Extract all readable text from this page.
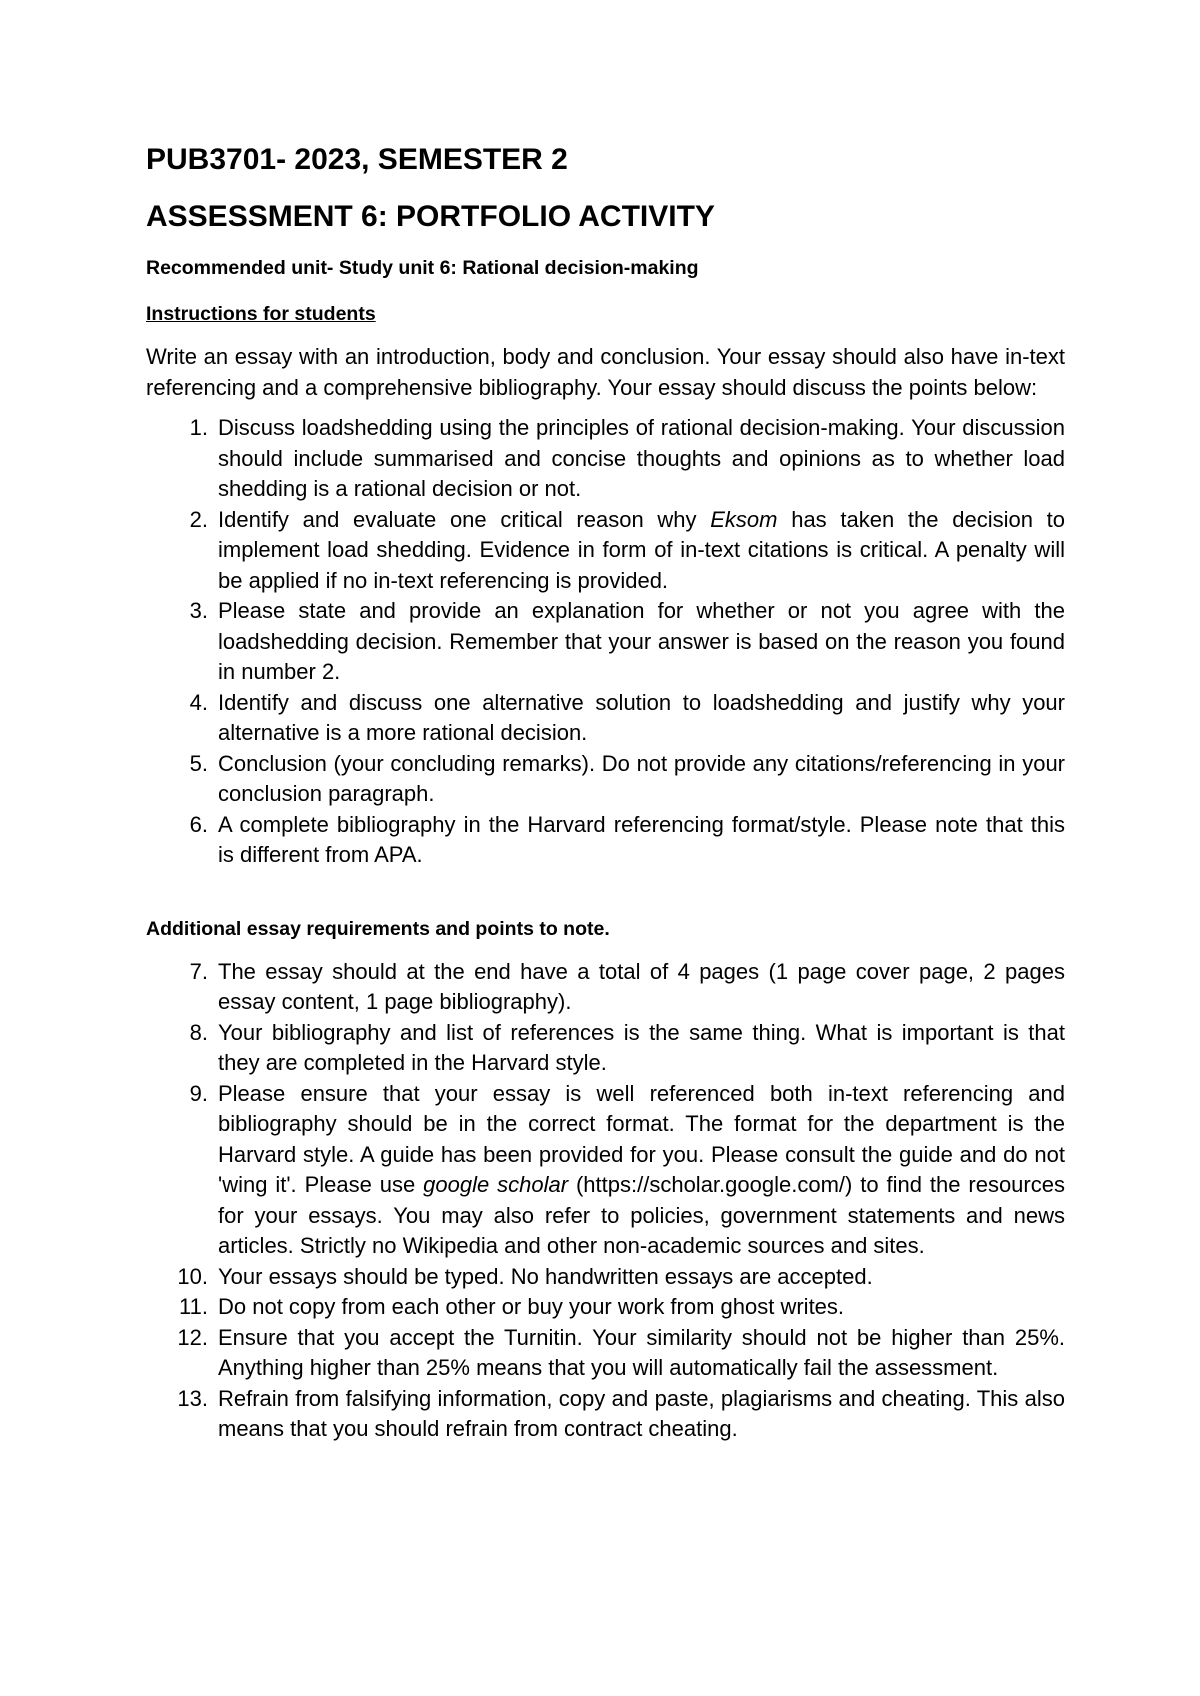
PUB3701- 2023, SEMESTER 2
ASSESSMENT 6: PORTFOLIO ACTIVITY
Recommended unit- Study unit 6: Rational decision-making
Instructions for students

Write an essay with an introduction, body and conclusion. Your essay should also have in-text referencing and a comprehensive bibliography. Your essay should discuss the points below:

1. Discuss loadshedding using the principles of rational decision-making. Your discussion should include summarised and concise thoughts and opinions as to whether load shedding is a rational decision or not.
2. Identify and evaluate one critical reason why Eksom has taken the decision to implement load shedding. Evidence in form of in-text citations is critical. A penalty will be applied if no in-text referencing is provided.
3. Please state and provide an explanation for whether or not you agree with the loadshedding decision. Remember that your answer is based on the reason you found in number 2.
4. Identify and discuss one alternative solution to loadshedding and justify why your alternative is a more rational decision.
5. Conclusion (your concluding remarks). Do not provide any citations/referencing in your conclusion paragraph.
6. A complete bibliography in the Harvard referencing format/style. Please note that this is different from APA.
Additional essay requirements and points to note.
7. The essay should at the end have a total of 4 pages (1 page cover page, 2 pages essay content, 1 page bibliography).
8. Your bibliography and list of references is the same thing. What is important is that they are completed in the Harvard style.
9. Please ensure that your essay is well referenced both in-text referencing and bibliography should be in the correct format. The format for the department is the Harvard style. A guide has been provided for you. Please consult the guide and do not 'wing it'. Please use google scholar (https://scholar.google.com/) to find the resources for your essays. You may also refer to policies, government statements and news articles. Strictly no Wikipedia and other non-academic sources and sites.
10. Your essays should be typed. No handwritten essays are accepted.
11. Do not copy from each other or buy your work from ghost writes.
12. Ensure that you accept the Turnitin. Your similarity should not be higher than 25%. Anything higher than 25% means that you will automatically fail the assessment.
13. Refrain from falsifying information, copy and paste, plagiarisms and cheating. This also means that you should refrain from contract cheating.
